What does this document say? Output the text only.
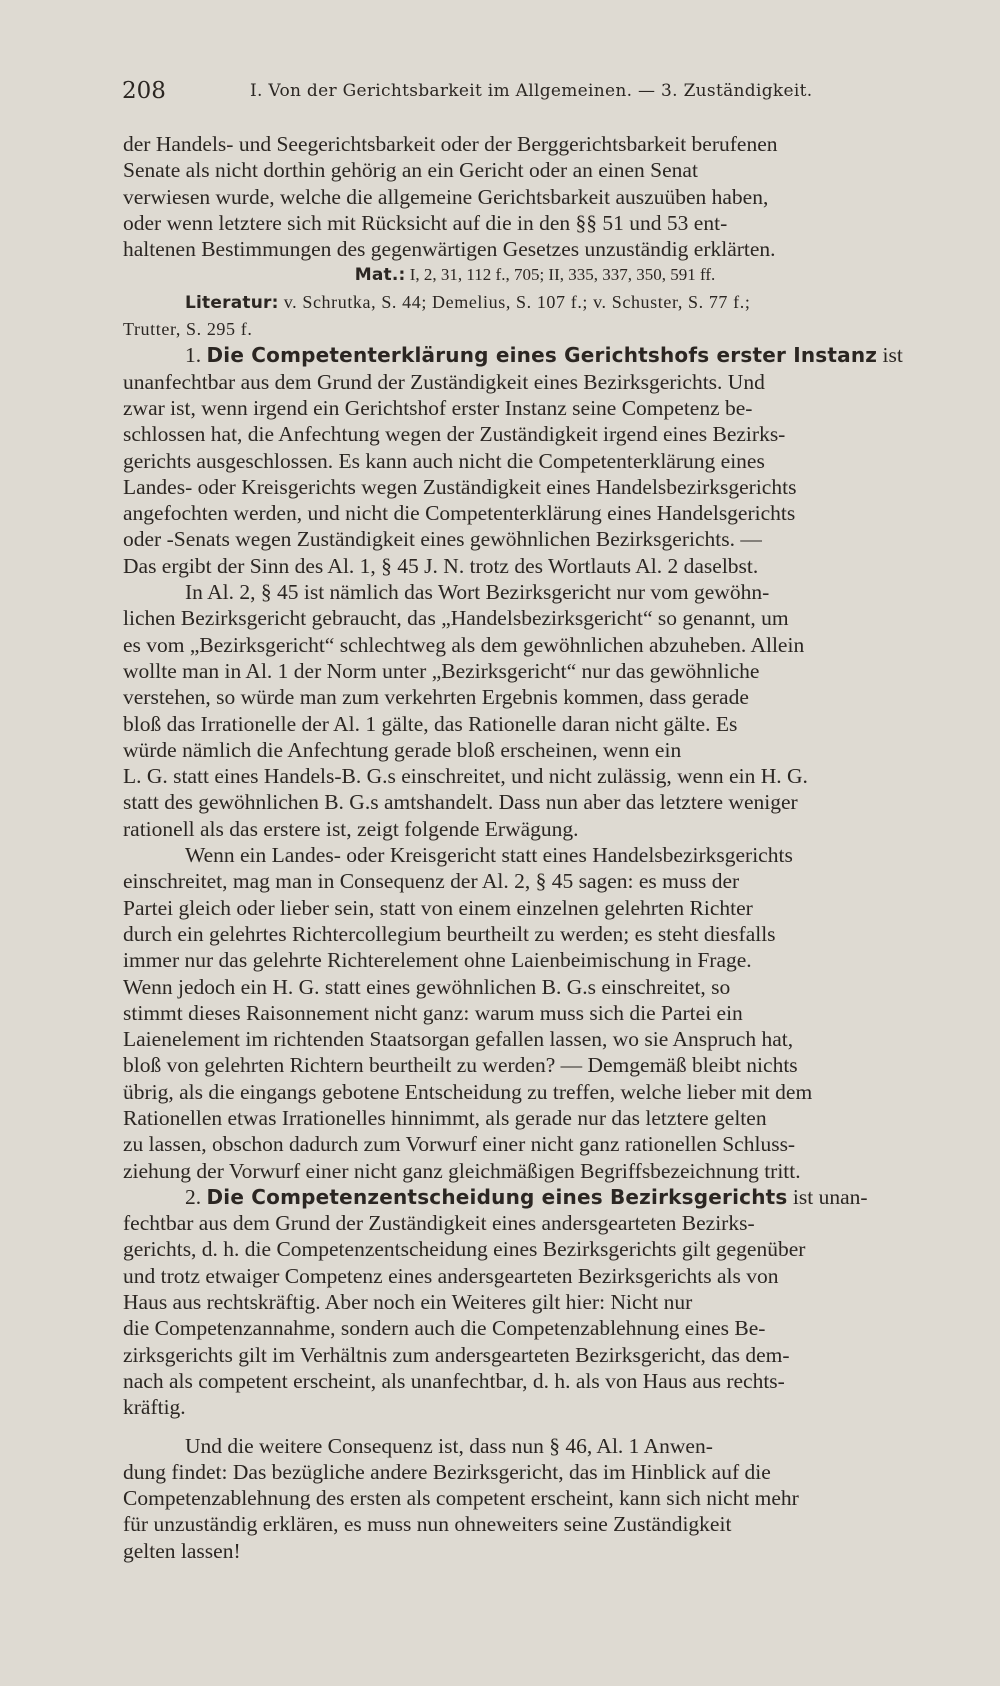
208	I. Von der Gerichtsbarkeit im Allgemeinen. — 3. Zuständigkeit.

der Handels- und Seegerichtsbarkeit oder der Berggerichtsbarkeit berufenen

Senate als nicht dorthin gehörig an ein Gericht oder an einen Senat

verwiesen wurde, welche die allgemeine Gerichtsbarkeit auszuüben haben,

oder wenn letztere sich mit Rücksicht auf die in den §§ 51 und 53 ent-

haltenen Bestimmungen des gegenwärtigen Gesetzes unzuständig erklärten.

Mat.: I, 2, 31, 112 f., 705; II, 335, 337, 350, 591 ff.

Literatur: v. Schrutka, S. 44; Demelius, S. 107 f.; v. Schuster, S. 77 f.;

Trutter, S. 295 f.

1. Die Competenterklärung eines Gerichtshofs erster Instanz ist

unanfechtbar aus dem Grund der Zuständigkeit eines Bezirksgerichts. Und

zwar ist, wenn irgend ein Gerichtshof erster Instanz seine Competenz be-

schlossen hat, die Anfechtung wegen der Zuständigkeit irgend eines Bezirks-

gerichts ausgeschlossen. Es kann auch nicht die Competenterklärung eines

Landes- oder Kreisgerichts wegen Zuständigkeit eines Handelsbezirksgerichts

angefochten werden, und nicht die Competenterklärung eines Handelsgerichts

oder -Senats wegen Zuständigkeit eines gewöhnlichen Bezirksgerichts. —

Das ergibt der Sinn des Al. 1, § 45 J. N. trotz des Wortlauts Al. 2 daselbst.

In Al. 2, § 45 ist nämlich das Wort Bezirksgericht nur vom gewöhn-

lichen Bezirksgericht gebraucht, das „Handelsbezirksgericht“ so genannt, um

es vom „Bezirksgericht“ schlechtweg als dem gewöhnlichen abzuheben. Allein

wollte man in Al. 1 der Norm unter „Bezirksgericht“ nur das gewöhnliche

verstehen, so würde man zum verkehrten Ergebnis kommen, dass gerade

bloß das Irrationelle der Al. 1 gälte, das Rationelle daran nicht gälte. Es

würde nämlich die Anfechtung gerade bloß erscheinen, wenn ein

L. G. statt eines Handels-B. G.s einschreitet, und nicht zulässig, wenn ein H. G.

statt des gewöhnlichen B. G.s amtshandelt. Dass nun aber das letztere weniger

rationell als das erstere ist, zeigt folgende Erwägung.

Wenn ein Landes- oder Kreisgericht statt eines Handelsbezirksgerichts

einschreitet, mag man in Consequenz der Al. 2, § 45 sagen: es muss der

Partei gleich oder lieber sein, statt von einem einzelnen gelehrten Richter

durch ein gelehrtes Richtercollegium beurtheilt zu werden; es steht diesfalls

immer nur das gelehrte Richterelement ohne Laienbeimischung in Frage.

Wenn jedoch ein H. G. statt eines gewöhnlichen B. G.s einschreitet, so

stimmt dieses Raisonnement nicht ganz: warum muss sich die Partei ein

Laienelement im richtenden Staatsorgan gefallen lassen, wo sie Anspruch hat,

bloß von gelehrten Richtern beurtheilt zu werden? — Demgemäß bleibt nichts

übrig, als die eingangs gebotene Entscheidung zu treffen, welche lieber mit dem

Rationellen etwas Irrationelles hinnimmt, als gerade nur das letztere gelten

zu lassen, obschon dadurch zum Vorwurf einer nicht ganz rationellen Schluss-

ziehung der Vorwurf einer nicht ganz gleichmäßigen Begriffsbezeichnung tritt.

2. Die Competenzentscheidung eines Bezirksgerichts ist unan-

fechtbar aus dem Grund der Zuständigkeit eines andersgearteten Bezirks-

gerichts, d. h. die Competenzentscheidung eines Bezirksgerichts gilt gegenüber

und trotz etwaiger Competenz eines andersgearteten Bezirksgerichts als von

Haus aus rechtskräftig. Aber noch ein Weiteres gilt hier: Nicht nur

die Competenzannahme, sondern auch die Competenzablehnung eines Be-

zirksgerichts gilt im Verhältnis zum andersgearteten Bezirksgericht, das dem-

nach als competent erscheint, als unanfechtbar, d. h. als von Haus aus rechts-

kräftig.

Und die weitere Consequenz ist, dass nun § 46, Al. 1 Anwen-

dung findet: Das bezügliche andere Bezirksgericht, das im Hinblick auf die

Competenzablehnung des ersten als competent erscheint, kann sich nicht mehr

für unzuständig erklären, es muss nun ohneweiters seine Zuständigkeit

gelten lassen!
